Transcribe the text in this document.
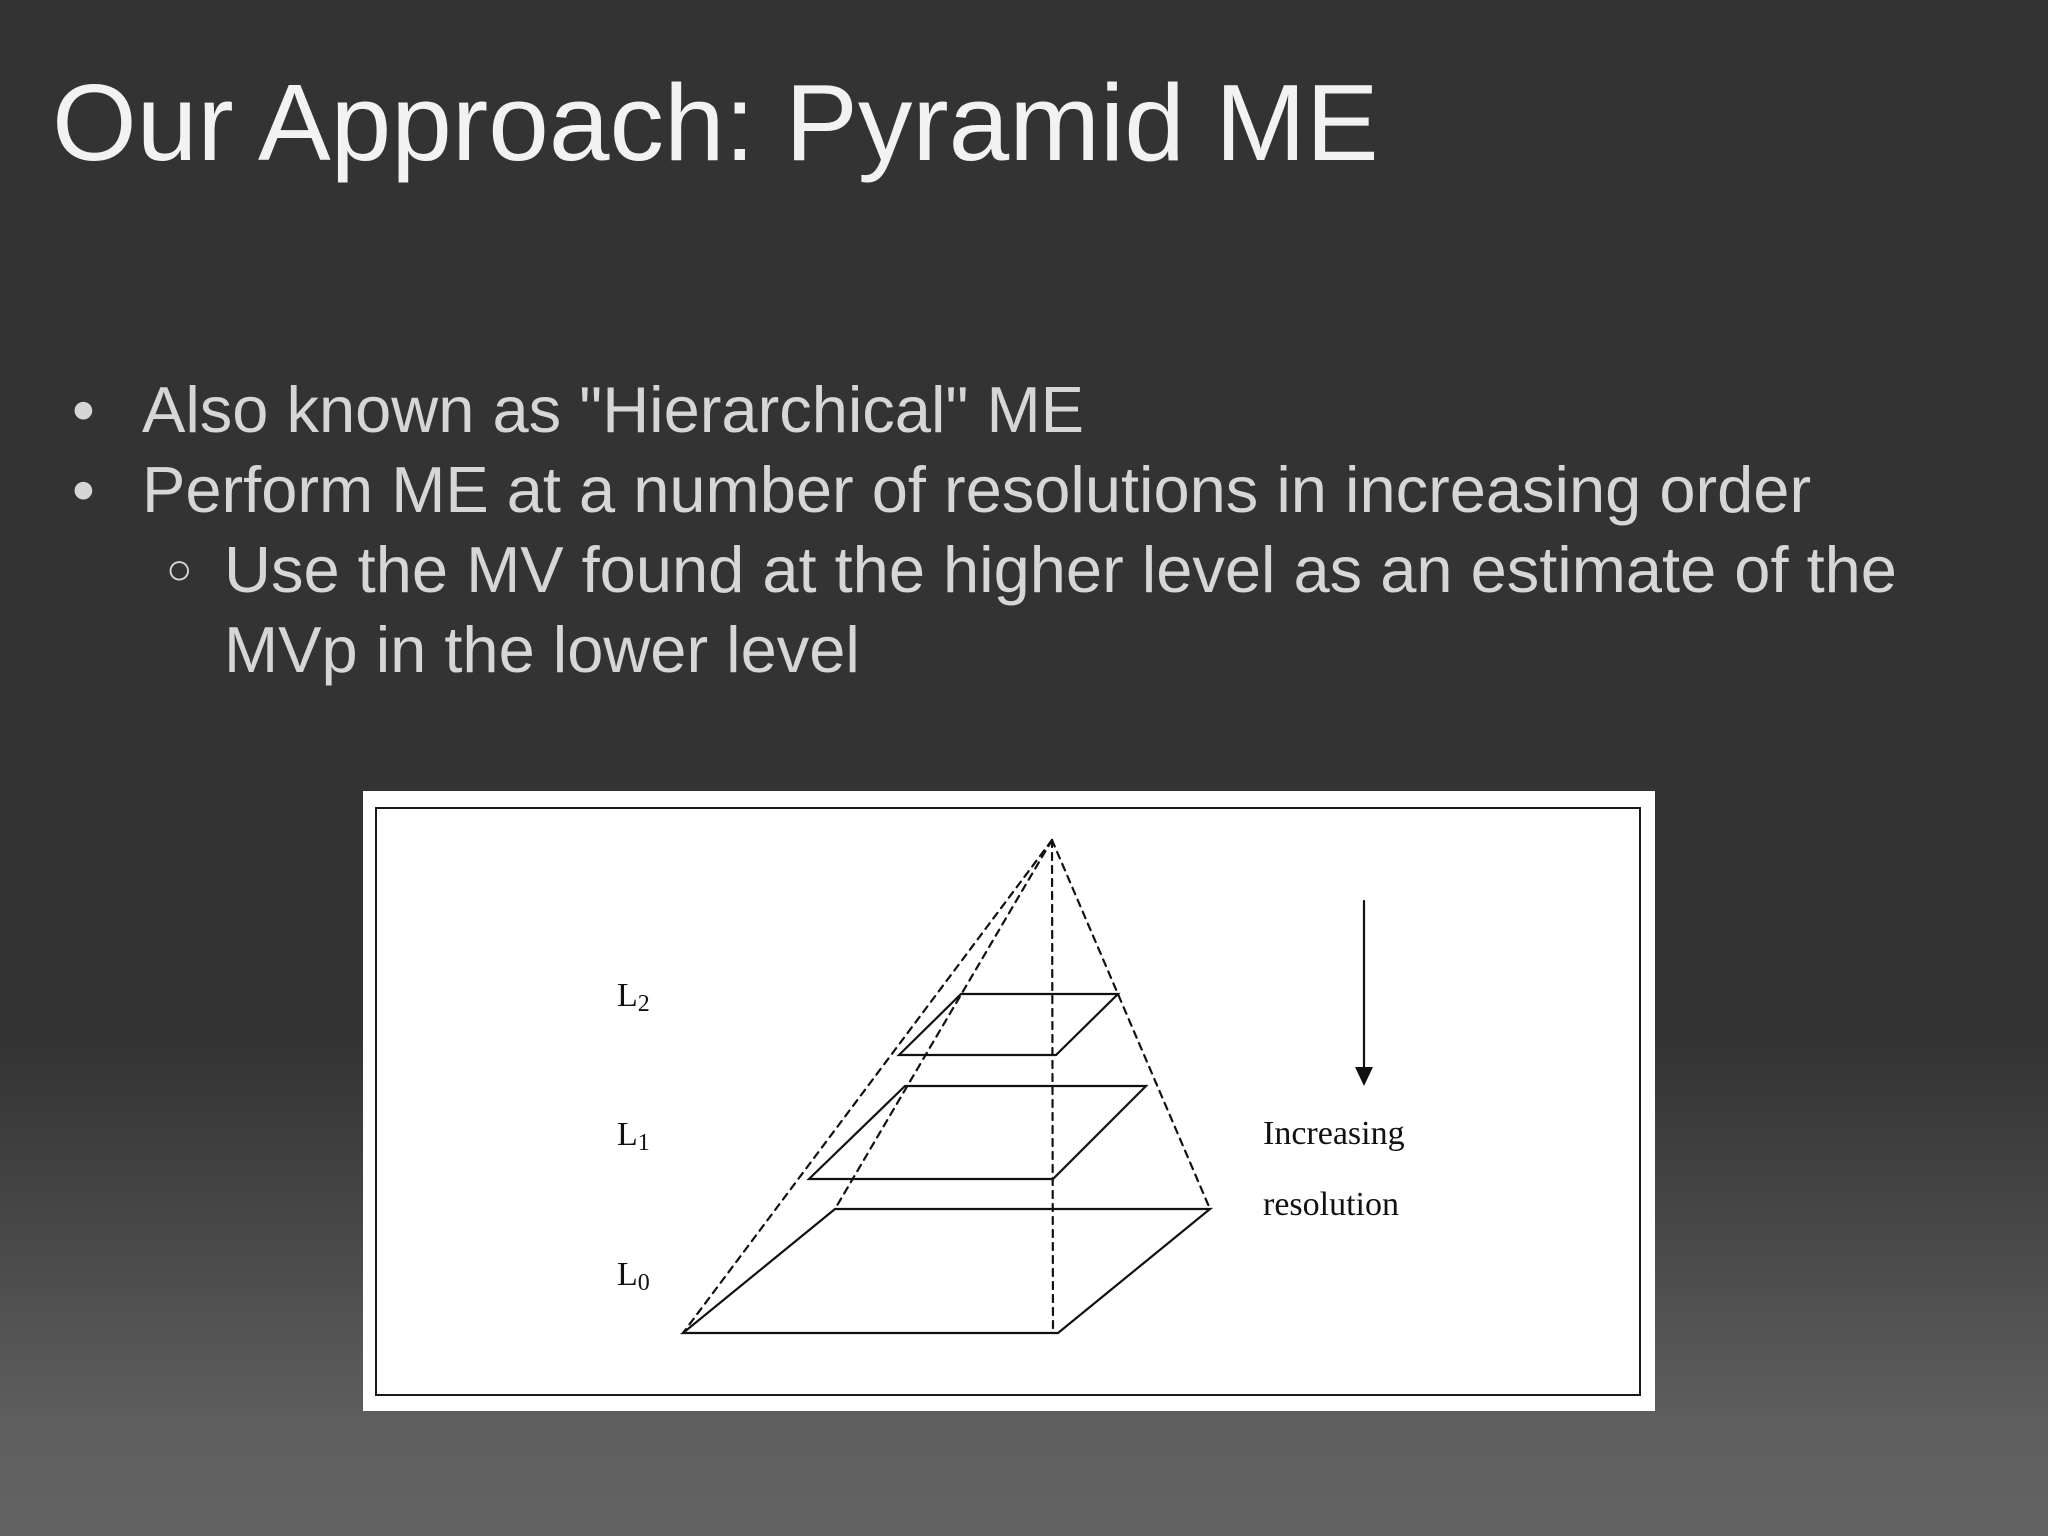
Our Approach: Pyramid ME
• Also known as "Hierarchical" ME
• Perform ME at a number of resolutions in increasing order
○ Use the MV found at the higher level as an estimate of the MVp in the lower level
L2
L1
L0
Increasing
resolution
